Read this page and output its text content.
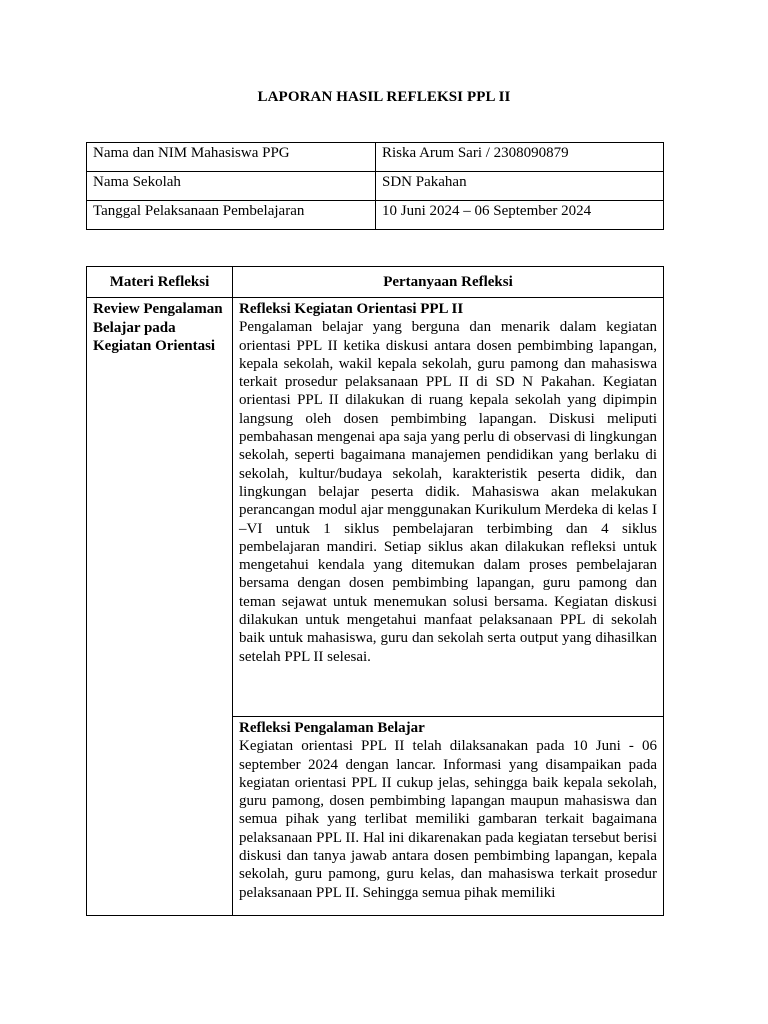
LAPORAN HASIL REFLEKSI PPL II
Nama dan NIM Mahasiswa PPG	Riska Arum Sari / 2308090879
Nama Sekolah	SDN Pakahan
Tanggal Pelaksanaan Pembelajaran	10 Juni 2024 – 06 September 2024
Materi Refleksi	Pertanyaan Refleksi
Review Pengalaman Belajar pada Kegiatan Orientasi	Refleksi Kegiatan Orientasi PPL II
Pengalaman belajar yang berguna dan menarik dalam kegiatan orientasi PPL II ketika diskusi antara dosen pembimbing lapangan, kepala sekolah, wakil kepala sekolah, guru pamong dan mahasiswa terkait prosedur pelaksanaan PPL II di SD N Pakahan. Kegiatan orientasi PPL II dilakukan di ruang kepala sekolah yang dipimpin langsung oleh dosen pembimbing lapangan. Diskusi meliputi pembahasan mengenai apa saja yang perlu di observasi di lingkungan sekolah, seperti bagaimana manajemen pendidikan yang berlaku di sekolah, kultur/budaya sekolah, karakteristik peserta didik, dan lingkungan belajar peserta didik. Mahasiswa akan melakukan perancangan modul ajar menggunakan Kurikulum Merdeka di kelas I –VI untuk 1 siklus pembelajaran terbimbing dan 4 siklus pembelajaran mandiri. Setiap siklus akan dilakukan refleksi untuk mengetahui kendala yang ditemukan dalam proses pembelajaran bersama dengan dosen pembimbing lapangan, guru pamong dan teman sejawat untuk menemukan solusi bersama. Kegiatan diskusi dilakukan untuk mengetahui manfaat pelaksanaan PPL di sekolah baik untuk mahasiswa, guru dan sekolah serta output yang dihasilkan setelah PPL II selesai.

	Refleksi Pengalaman Belajar
Kegiatan orientasi PPL II telah dilaksanakan pada 10 Juni - 06 september 2024 dengan lancar. Informasi yang disampaikan pada kegiatan orientasi PPL II cukup jelas, sehingga baik kepala sekolah, guru pamong, dosen pembimbing lapangan maupun mahasiswa dan semua pihak yang terlibat memiliki gambaran terkait bagaimana pelaksanaan PPL II. Hal ini dikarenakan pada kegiatan tersebut berisi diskusi dan tanya jawab antara dosen pembimbing lapangan, kepala sekolah, guru pamong, guru kelas, dan mahasiswa terkait prosedur pelaksanaan PPL II. Sehingga semua pihak memiliki
